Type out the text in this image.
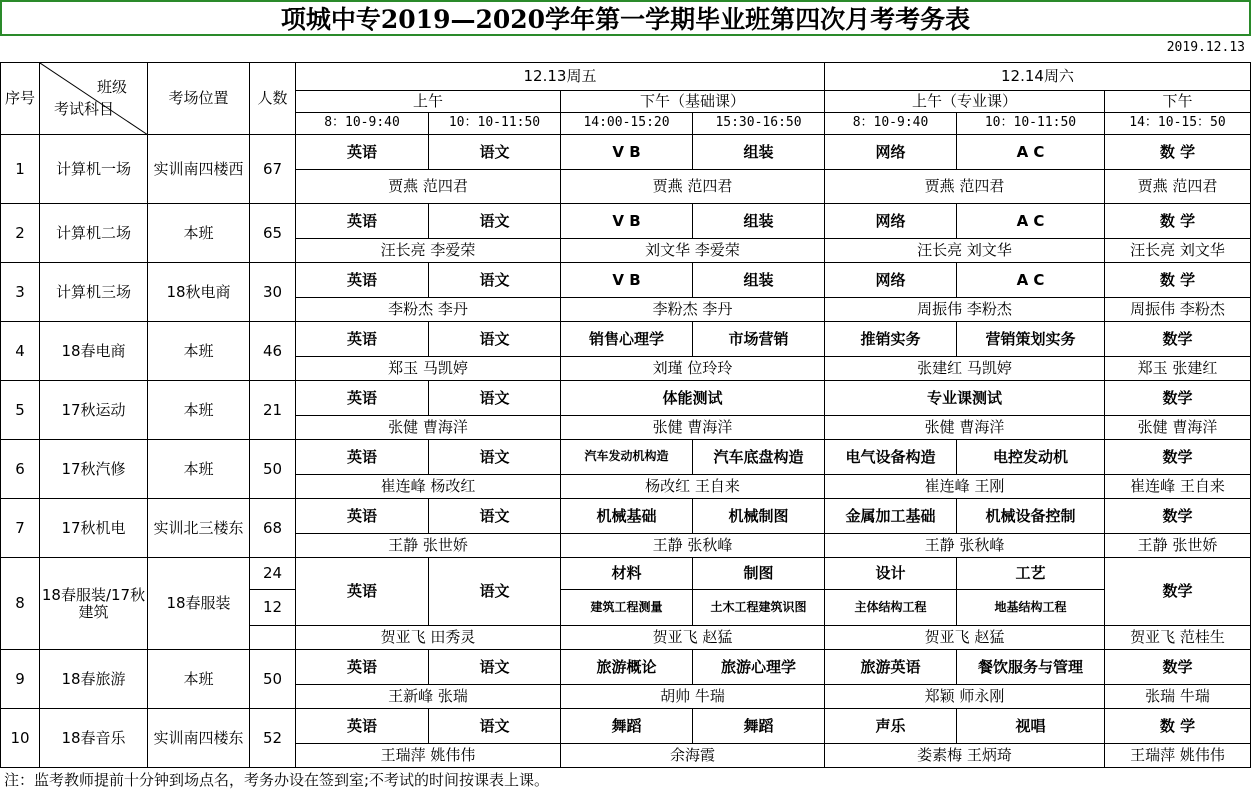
项城中专2019—2020学年第一学期毕业班第四次月考考务表
2019.12.13
序号	班级
考试科目	考场位置	人数	12.13周五				12.14周六		
				上午		下午（基础课）		上午（专业课）		下午
				8：10-9:40	10：10-11:50	14:00-15:20	15:30-16:50	8：10-9:40	10：10-11:50	14：10-15：50
1	计算机一场	实训南四楼西	67	英语	语文	V B	组装	网络	A C	数 学
				贾燕 范四君		贾燕 范四君		贾燕 范四君		贾燕 范四君
2	计算机二场	本班	65	英语	语文	V B	组装	网络	A C	数 学
				汪长亮 李爱荣		刘文华 李爱荣		汪长亮 刘文华		汪长亮 刘文华
3	计算机三场	18秋电商	30	英语	语文	V B	组装	网络	A C	数 学
				李粉杰 李丹		李粉杰 李丹		周振伟 李粉杰		周振伟 李粉杰
4	18春电商	本班	46	英语	语文	销售心理学	市场营销	推销实务	营销策划实务	数学
				郑玉 马凯婷		刘瑾 位玲玲		张建红 马凯婷		郑玉 张建红
5	17秋运动	本班	21	英语	语文	体能测试		专业课测试		数学
				张健 曹海洋		张健 曹海洋		张健 曹海洋		张健 曹海洋
6	17秋汽修	本班	50	英语	语文	汽车发动机构造	汽车底盘构造	电气设备构造	电控发动机	数学
				崔连峰 杨改红		杨改红 王自来		崔连峰 王刚		崔连峰 王自来
7	17秋机电	实训北三楼东	68	英语	语文	机械基础	机械制图	金属加工基础	机械设备控制	数学
				王静 张世娇		王静 张秋峰		王静 张秋峰		王静 张世娇
8	18春服装/17秋建筑	18春服装	24	英语	语文	材料	制图	设计	工艺	数学
			12			建筑工程测量	土木工程建筑识图	主体结构工程	地基结构工程	
				贺亚飞 田秀灵		贺亚飞 赵猛		贺亚飞 赵猛		贺亚飞 范桂生
9	18春旅游	本班	50	英语	语文	旅游概论	旅游心理学	旅游英语	餐饮服务与管理	数学
				王新峰 张瑞		胡帅 牛瑞		郑颖 师永刚		张瑞 牛瑞
10	18春音乐	实训南四楼东	52	英语	语文	舞蹈	舞蹈	声乐	视唱	数 学
				王瑞萍 姚伟伟		余海霞		娄素梅 王炳琦		王瑞萍 姚伟伟
注：监考教师提前十分钟到场点名，考务办设在签到室;不考试的时间按课表上课。
